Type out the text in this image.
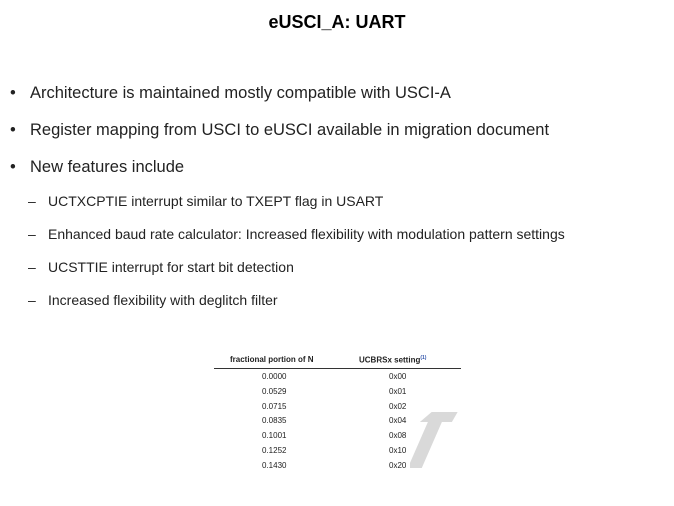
eUSCI_A: UART
• Architecture is maintained mostly compatible with USCI-A
• Register mapping from USCI to eUSCI available in migration document
• New features include
– UCTXCPTIE interrupt similar to TXEPT flag in USART
– Enhanced baud rate calculator: Increased flexibility with modulation pattern settings
– UCSTTIE interrupt for start bit detection
– Increased flexibility with deglitch filter
fractional portion of N	UCBRSx setting$^{(1)}$
0.0000	0x00
0.0529	0x01
0.0715	0x02
0.0835	0x04
0.1001	0x08
0.1252	0x10
0.1430	0x20
